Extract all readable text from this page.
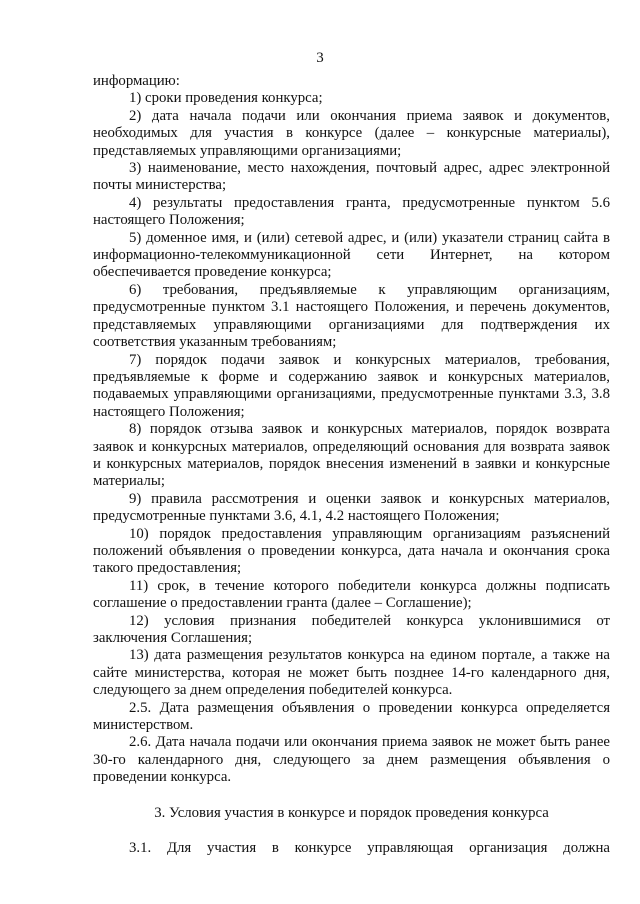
3

информацию:

1) сроки проведения конкурса;

2) дата начала подачи или окончания приема заявок и документов, необходимых для участия в конкурсе (далее – конкурсные материалы), представляемых управляющими организациями;

3) наименование, место нахождения, почтовый адрес, адрес электронной почты министерства;

4) результаты предоставления гранта, предусмотренные пунктом 5.6 настоящего Положения;

5) доменное имя, и (или) сетевой адрес, и (или) указатели страниц сайта в информационно-телекоммуникационной сети Интернет, на котором обеспечивается проведение конкурса;

6) требования, предъявляемые к управляющим организациям, предусмотренные пунктом 3.1 настоящего Положения, и перечень документов, представляемых управляющими организациями для подтверждения их соответствия указанным требованиям;

7) порядок подачи заявок и конкурсных материалов, требования, предъявляемые к форме и содержанию заявок и конкурсных материалов, подаваемых управляющими организациями, предусмотренные пунктами 3.3, 3.8 настоящего Положения;

8) порядок отзыва заявок и конкурсных материалов, порядок возврата заявок и конкурсных материалов, определяющий основания для возврата заявок и конкурсных материалов, порядок внесения изменений в заявки и конкурсные материалы;

9) правила рассмотрения и оценки заявок и конкурсных материалов, предусмотренные пунктами 3.6, 4.1, 4.2 настоящего Положения;

10) порядок предоставления управляющим организациям разъяснений положений объявления о проведении конкурса, дата начала и окончания срока такого предоставления;

11) срок, в течение которого победители конкурса должны подписать соглашение о предоставлении гранта (далее – Соглашение);

12) условия признания победителей конкурса уклонившимися от заключения Соглашения;

13) дата размещения результатов конкурса на едином портале, а также на сайте министерства, которая не может быть позднее 14-го календарного дня, следующего за днем определения победителей конкурса.

2.5. Дата размещения объявления о проведении конкурса определяется министерством.

2.6. Дата начала подачи или окончания приема заявок не может быть ранее 30-го календарного дня, следующего за днем размещения объявления о проведении конкурса.

3. Условия участия в конкурсе и порядок проведения конкурса

3.1. Для участия в конкурсе управляющая организация должна
